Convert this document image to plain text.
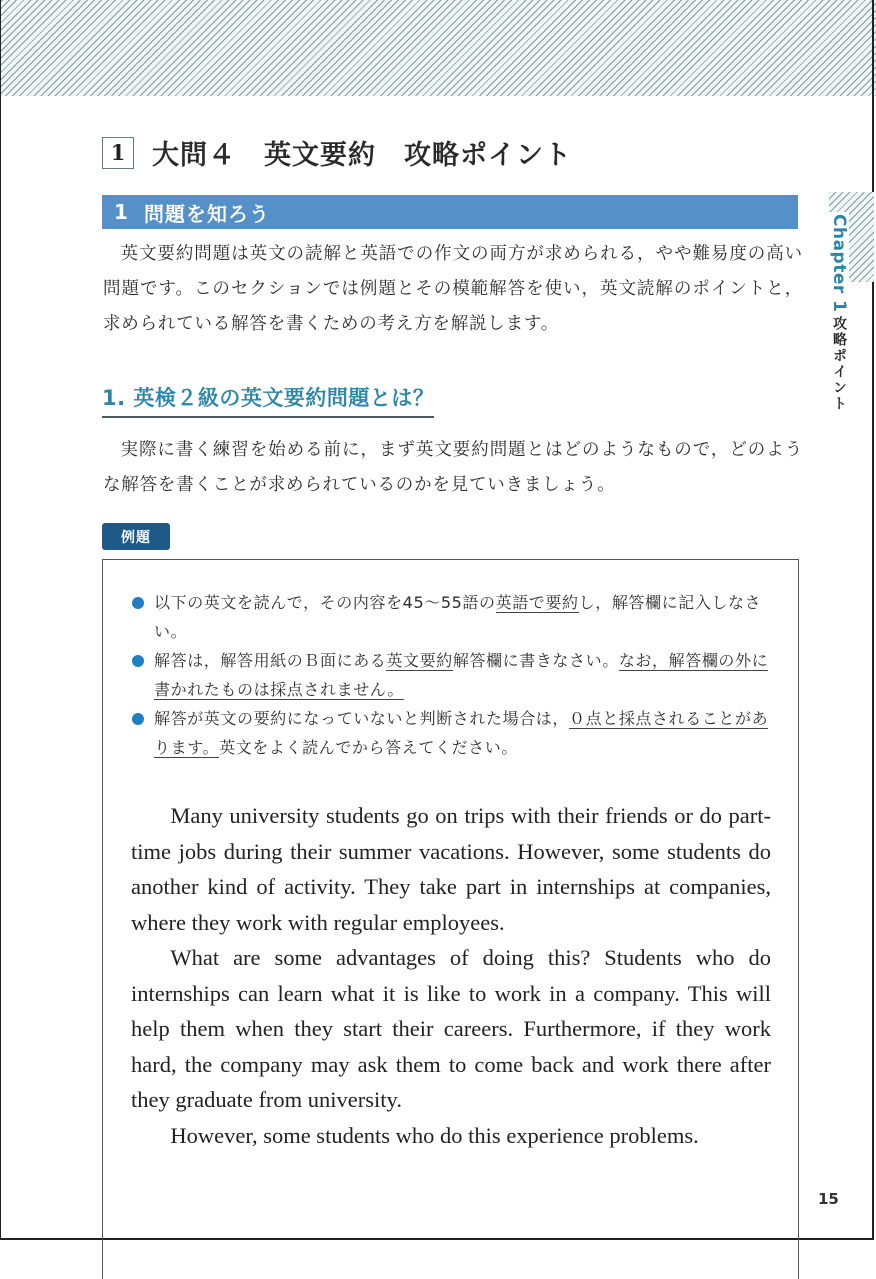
1 大問４　英文要約　攻略ポイント
Chapter 1
攻略ポイント
1 問題を知ろう

英文要約問題は英文の読解と英語での作文の両方が求められる，やや難易度の高い問題です。このセクションでは例題とその模範解答を使い，英文読解のポイントと，求められている解答を書くための考え方を解説します。

1. 英検２級の英文要約問題とは？

実際に書く練習を始める前に，まず英文要約問題とはどのようなもので，どのような解答を書くことが求められているのかを見ていきましょう。

例題
以下の英文を読んで，その内容を45～55語の英語で要約し，解答欄に記入しなさい。
解答は，解答用紙のＢ面にある英文要約解答欄に書きなさい。なお，解答欄の外に書かれたものは採点されません。
解答が英文の要約になっていないと判断された場合は，０点と採点されることがあります。英文をよく読んでから答えてください。

Many university students go on trips with their friends or do part-time jobs during their summer vacations. However, some students do another kind of activity. They take part in internships at companies, where they work with regular employees.

What are some advantages of doing this? Students who do internships can learn what it is like to work in a company. This will help them when they start their careers. Furthermore, if they work hard, the company may ask them to come back and work there after they graduate from university.

However, some students who do this experience problems.

15
